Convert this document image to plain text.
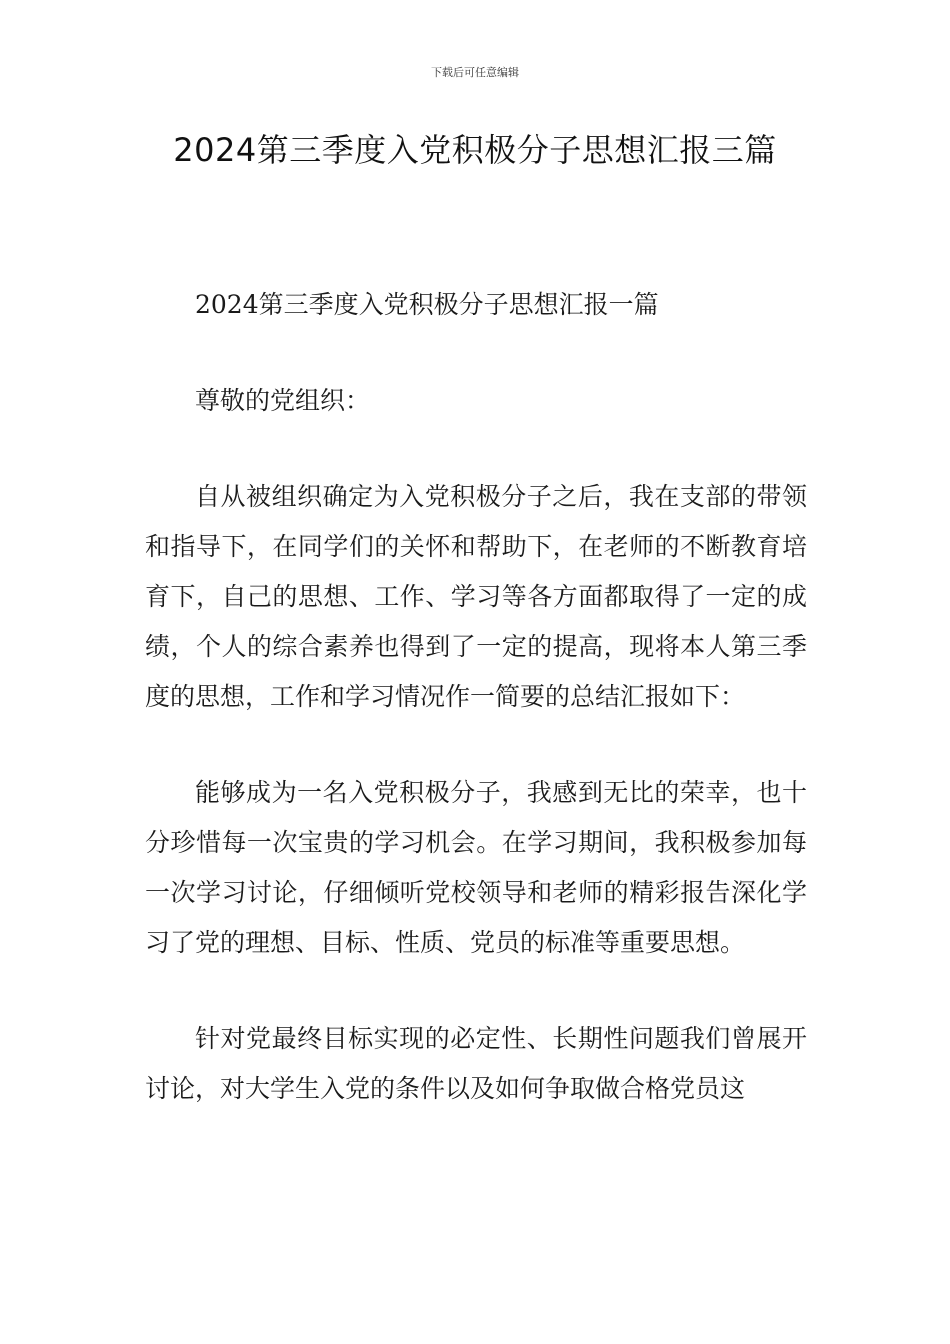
下载后可任意编辑
2024第三季度入党积极分子思想汇报三篇

2024第三季度入党积极分子思想汇报一篇

尊敬的党组织：

自从被组织确定为入党积极分子之后，我在支部的带领和指导下，在同学们的关怀和帮助下，在老师的不断教育培育下，自己的思想、工作、学习等各方面都取得了一定的成绩，个人的综合素养也得到了一定的提高，现将本人第三季度的思想，工作和学习情况作一简要的总结汇报如下：

能够成为一名入党积极分子，我感到无比的荣幸，也十分珍惜每一次宝贵的学习机会。在学习期间，我积极参加每一次学习讨论，仔细倾听党校领导和老师的精彩报告深化学习了党的理想、目标、性质、党员的标准等重要思想。

针对党最终目标实现的必定性、长期性问题我们曾展开讨论，对大学生入党的条件以及如何争取做合格党员这
